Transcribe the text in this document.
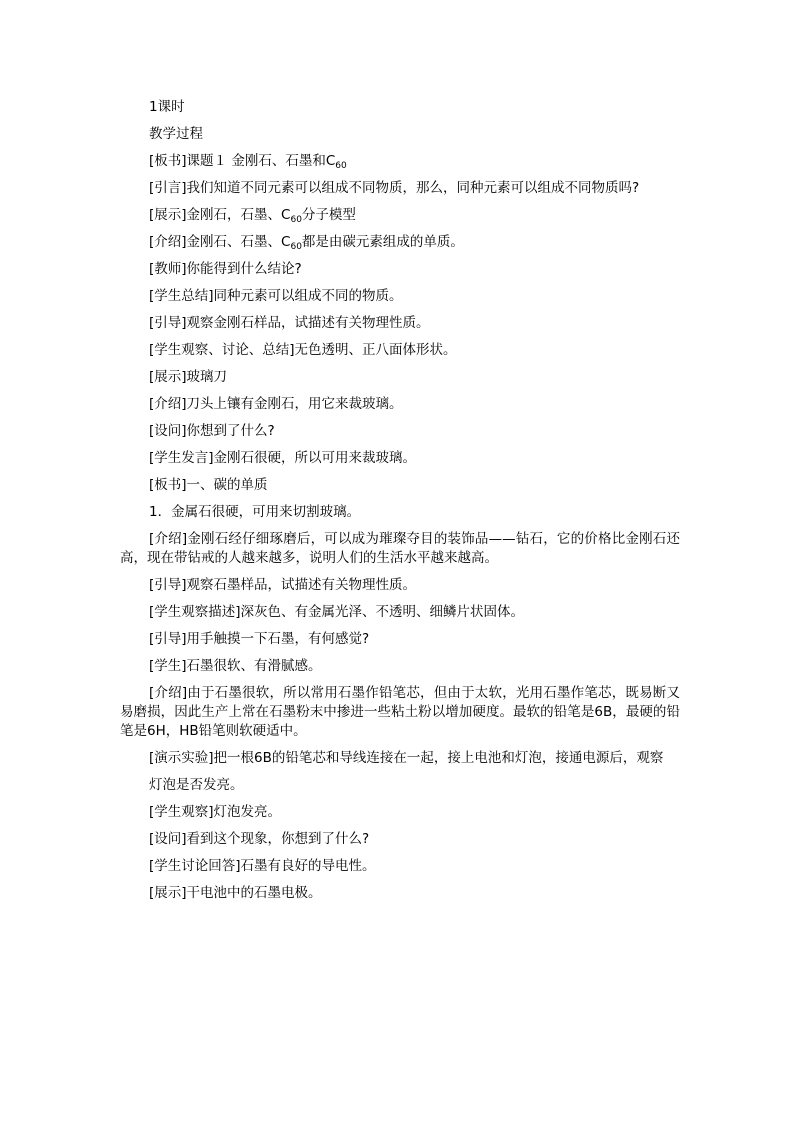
1课时
教学过程
[板书]课题１ 金刚石、石墨和$C_{60}$
[引言]我们知道不同元素可以组成不同物质，那么，同种元素可以组成不同物质吗?
[展示]金刚石，石墨、$C_{60}$分子模型
[介绍]金刚石、石墨、$C_{60}$都是由碳元素组成的单质。
[教师]你能得到什么结论?
[学生总结]同种元素可以组成不同的物质。
[引导]观察金刚石样品，试描述有关物理性质。
[学生观察、讨论、总结]无色透明、正八面体形状。
[展示]玻璃刀
[介绍]刀头上镶有金刚石，用它来裁玻璃。
[设问]你想到了什么?
[学生发言]金刚石很硬，所以可用来裁玻璃。
[板书]一、碳的单质
1．金属石很硬，可用来切割玻璃。
[介绍]金刚石经仔细琢磨后，可以成为璀璨夺目的装饰品——钻石，它的价格比金刚石还高，现在带钻戒的人越来越多，说明人们的生活水平越来越高。
[引导]观察石墨样品，试描述有关物理性质。
[学生观察描述]深灰色、有金属光泽、不透明、细鳞片状固体。
[引导]用手触摸一下石墨，有何感觉?
[学生]石墨很软、有滑腻感。
[介绍]由于石墨很软，所以常用石墨作铅笔芯，但由于太软，光用石墨作笔芯，既易断又易磨损，因此生产上常在石墨粉末中掺进一些粘土粉以增加硬度。最软的铅笔是6B，最硬的铅笔是6H，HB铅笔则软硬适中。
[演示实验]把一根6B的铅笔芯和导线连接在一起，接上电池和灯泡，接通电源后，观察
灯泡是否发亮。
[学生观察]灯泡发亮。
[设问]看到这个现象，你想到了什么?
[学生讨论回答]石墨有良好的导电性。
[展示]干电池中的石墨电极。
